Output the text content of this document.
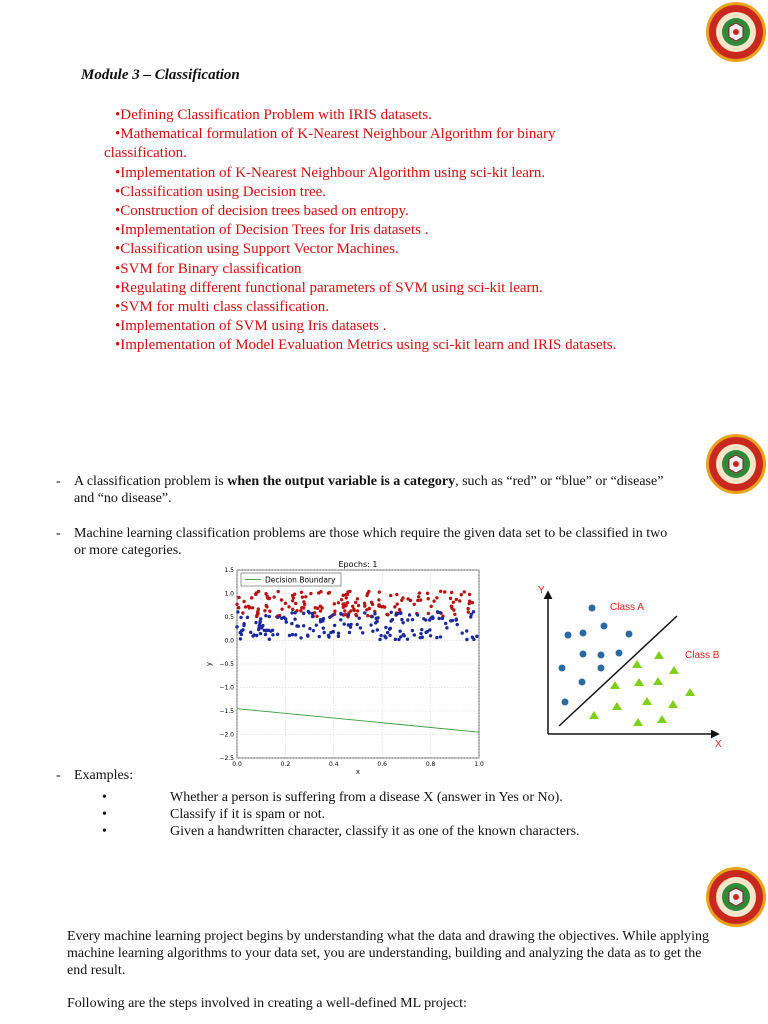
Module 3 – Classification
•Defining Classification Problem with IRIS datasets.
•Mathematical formulation of K-Nearest Neighbour Algorithm for binary
classification.
•Implementation of K-Nearest Neighbour Algorithm using sci-kit learn.
•Classification using Decision tree.
•Construction of decision trees based on entropy.
•Implementation of Decision Trees for Iris datasets .
•Classification using Support Vector Machines.
•SVM for Binary classification
•Regulating different functional parameters of SVM using sci-kit learn.
•SVM for multi class classification.
•Implementation of SVM using Iris datasets .
•Implementation of Model Evaluation Metrics using sci-kit learn and IRIS datasets.
- A classification problem is when the output variable is a category, such as “red” or “blue” or “disease”
and “no disease”.
- Machine learning classification problems are those which require the given data set to be classified in two
or more categories.
Epochs: 1
Decision Boundary
0.0	0.2	0.4	0.6	0.8	1.0
1.5
1.0
0.5
0.0
−0.5
−1.0
−1.5
−2.0
−2.5
x
y
Y
X
Class A
Class B
- Examples:
•	Whether a person is suffering from a disease X (answer in Yes or No).
•	Classify if it is spam or not.
•	Given a handwritten character, classify it as one of the known characters.
Every machine learning project begins by understanding what the data and drawing the objectives. While applying
machine learning algorithms to your data set, you are understanding, building and analyzing the data as to get the
end result.
Following are the steps involved in creating a well-defined ML project:
